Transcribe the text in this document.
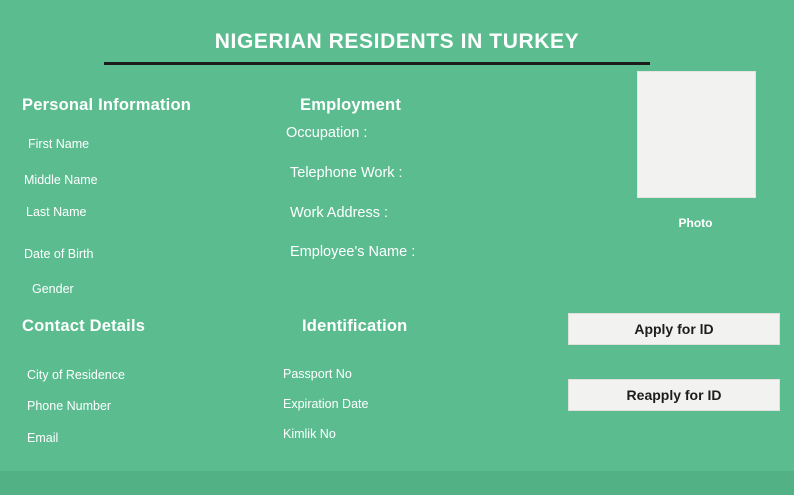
NIGERIAN RESIDENTS IN TURKEY
Personal Information
First Name
Middle Name
Last Name
Date of Birth
Gender
Employment
Occupation :
Telephone Work :
Work Address :
Employee's Name :
Contact Details
City of Residence
Phone Number
Email
Identification
Passport No
Expiration Date
Kimlik No
Photo
Apply for lD
Reapply for ID
